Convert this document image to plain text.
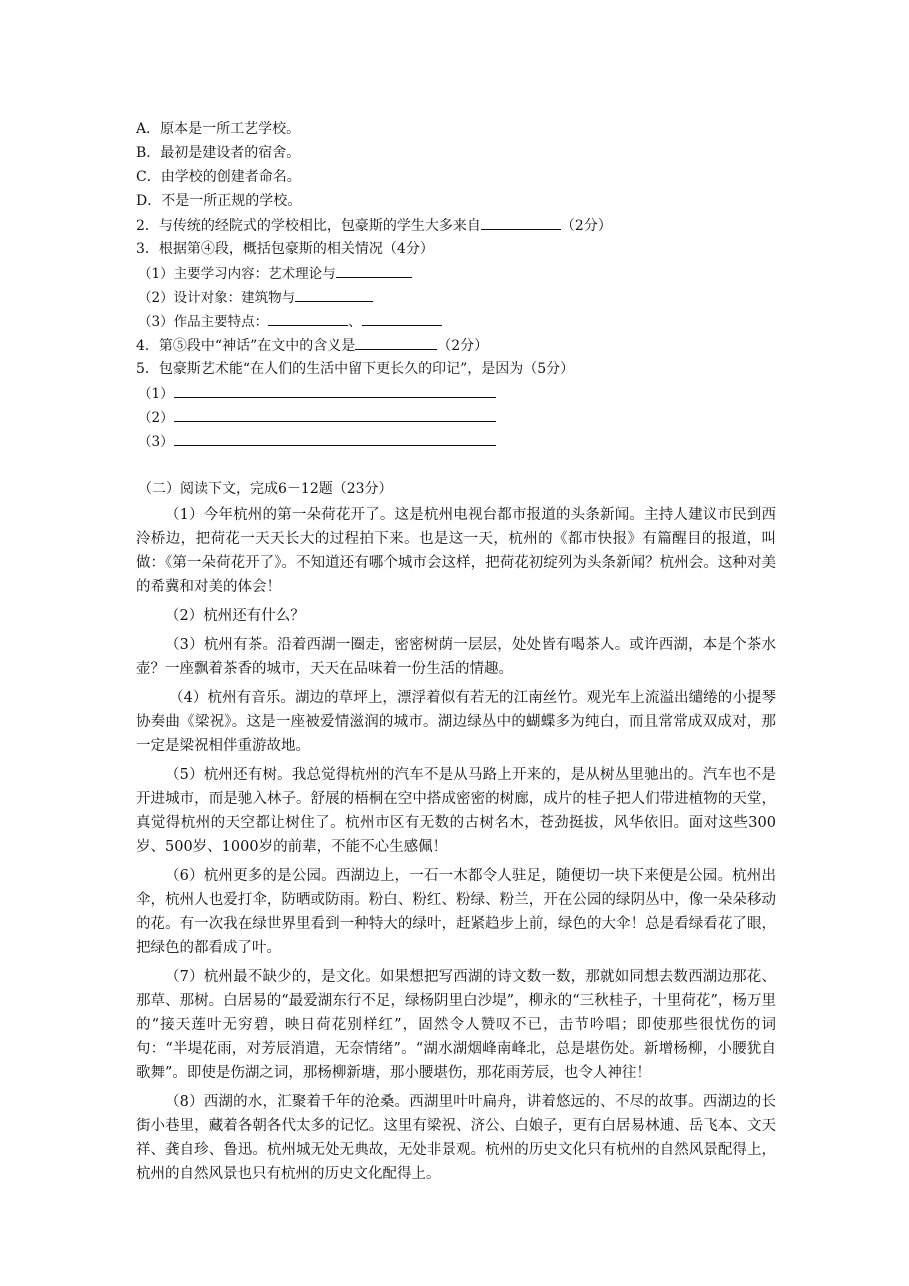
A．原本是一所工艺学校。
B．最初是建设者的宿舍。
C．由学校的创建者命名。
D．不是一所正规的学校。
2．与传统的经院式的学校相比，包豪斯的学生大多来自	（2分）
3．根据第④段，概括包豪斯的相关情况（4分）
（1）主要学习内容：艺术理论与
（2）设计对象：建筑物与
（3）作品主要特点：	、
4．第⑤段中“神话”在文中的含义是	（2分）
5．包豪斯艺术能“在人们的生活中留下更长久的印记”，是因为（5分）
（1）
（2）
（3）
（二）阅读下文，完成6－12题（23分）

（1）今年杭州的第一朵荷花开了。这是杭州电视台都市报道的头条新闻。主持人建议市民到西泠桥边，把荷花一天天长大的过程拍下来。也是这一天，杭州的《都市快报》有篇醒目的报道，叫做：《第一朵荷花开了》。不知道还有哪个城市会这样，把荷花初绽列为头条新闻？杭州会。这种对美的希冀和对美的体会！

（2）杭州还有什么？

（3）杭州有茶。沿着西湖一圈走，密密树荫一层层，处处皆有喝茶人。或许西湖，本是个茶水壶？一座飘着茶香的城市，天天在品味着一份生活的情趣。

（4）杭州有音乐。湖边的草坪上，漂浮着似有若无的江南丝竹。观光车上流溢出缱绻的小提琴协奏曲《梁祝》。这是一座被爱情滋润的城市。湖边绿丛中的蝴蝶多为纯白，而且常常成双成对，那一定是梁祝相伴重游故地。

（5）杭州还有树。我总觉得杭州的汽车不是从马路上开来的，是从树丛里驰出的。汽车也不是开进城市，而是驰入林子。舒展的梧桐在空中搭成密密的树廊，成片的桂子把人们带进植物的天堂，真觉得杭州的天空都让树住了。杭州市区有无数的古树名木，苍劲挺拔，风华依旧。面对这些300岁、500岁、1000岁的前辈，不能不心生感佩！

（6）杭州更多的是公园。西湖边上，一石一木都令人驻足，随便切一块下来便是公园。杭州出伞，杭州人也爱打伞，防晒或防雨。粉白、粉红、粉绿、粉兰，开在公园的绿阴丛中，像一朵朵移动的花。有一次我在绿世界里看到一种特大的绿叶，赶紧趋步上前，绿色的大伞！总是看绿看花了眼，把绿色的都看成了叶。

（7）杭州最不缺少的，是文化。如果想把写西湖的诗文数一数，那就如同想去数西湖边那花、那草、那树。白居易的“最爱湖东行不足，绿杨阴里白沙堤”，柳永的“三秋桂子，十里荷花”，杨万里的“接天莲叶无穷碧，映日荷花别样红”，固然令人赞叹不已，击节吟唱；即使那些很忧伤的词句：“半堤花雨，对芳辰消遣，无奈情绪”。“湖水湖烟峰南峰北，总是堪伤处。新增杨柳，小腰犹自歌舞”。即使是伤湖之词，那杨柳新塘，那小腰堪伤，那花雨芳辰，也令人神往！

（8）西湖的水，汇聚着千年的沧桑。西湖里叶叶扁舟，讲着悠远的、不尽的故事。西湖边的长街小巷里，藏着各朝各代太多的记忆。这里有梁祝、济公、白娘子，更有白居易林逋、岳飞本、文天祥、龚自珍、鲁迅。杭州城无处无典故，无处非景观。杭州的历史文化只有杭州的自然风景配得上，杭州的自然风景也只有杭州的历史文化配得上。
